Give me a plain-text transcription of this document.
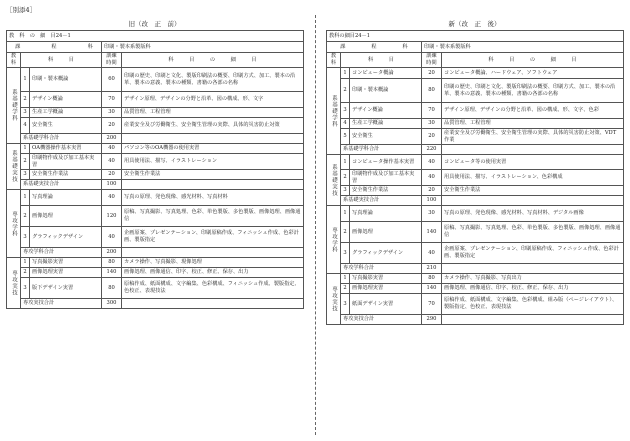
［別添4］
旧（改　正　前）
教　科　の　細　目24－1				
課　　　　　　程　　　　　　科			印刷・製本系製版科	
教　　科	科　　　目		訓練時間	科　　　目　　　の　　　細　　　目
系基礎学科	1	印刷・製本概論	60	印刷の歴史、印刷と文化、製版印刷法の概要、印刷方式、加工、製本の沿革、製本の意義、製本の種類、書籍の各部の名称
	2	デザイン概論	70	デザイン原理、デザインの分野と沿革、図の構成、形、文字
	3	生産工学概論	30	品質管理、工程管理
	4	安全衛生	20	産業安全及び労働衛生、安全衛生管理の実際、具体的災害防止対策
	系基礎学科合計		200	
系基礎実技	1	OA機器操作基本実習	40	パソコン等のOA機器の使用実習
	2	印刷物作成及び加工基本実習	40	用具使用法、描写、イラストレーション
	3	安全衛生作業法	20	安全衛生作業法
	系基礎実技合計		100	
専攻学科	1	写真理論	40	写真の原理、発色現像、感光材料、写真材料
	2	画像処理	120	原稿、写真撮影、写真処理、色彩、単色製版、多色製版、画像処理、画像通信
	3	グラフィックデザイン	40	企画原案、プレゼンテーション、印刷原稿作成、フィニッシュ作成、色彩計画、製版指定
	専攻学科合計		200	
専攻実技	1	写真撮影実習	80	カメラ操作、写真撮影、現像処理
	2	画像処理実習	140	画像処理、画像通信、印字、校正、修正、保存、出力
	3	版下デザイン実習	80	原稿作成、紙面構成、文字編集、色彩構成、フィニッシュ作成、製版指定、色校正、表現技法
	専攻実技合計		300	
新（改　正　後）
教科の細目24－1				
課　　　　　程　　　　　科			印刷・製本系製版科	
教　　科	科　　　目		訓練時間	科　　　目　　　の　　　細　　　目
系基礎学科	1	コンピュータ概論	20	コンピュータ概論、ハードウェア、ソフトウェア
	2	印刷・製本概論	80	印刷の歴史、印刷と文化、製版印刷法の概要、印刷方式、加工、製本の沿革、製本の意義、製本の種類、書籍の各部の名称
	3	デザイン概論	70	デザイン原理、デザインの分野と沿革、図の構成、形、文字、色彩
	4	生産工学概論	30	品質管理、工程管理
	5	安全衛生	20	産業安全及び労働衛生、安全衛生管理の実際、具体的災害防止対策、VDT作業
	系基礎学科合計		220	
系基礎実技	1	コンピュータ操作基本実習	40	コンピュータ等の使用実習
	2	印刷物作成及び加工基本実習	40	用具使用法、描写、イラストレーション、色彩構成
	3	安全衛生作業法	20	安全衛生作業法
	系基礎実技合計		100	
専攻学科	1	写真理論	30	写真の原理、発色現像、感光材料、写真材料、デジタル画像
	2	画像処理	140	原稿、写真撮影、写真処理、色彩、単色製版、多色製版、画像処理、画像通信
	3	グラフィックデザイン	40	企画原案、プレゼンテーション、印刷原稿作成、フィニッシュ作成、色彩計画、製版指定
	専攻学科合計		210	
専攻実技	1	写真撮影実習	80	カメラ操作、写真撮影、写真出力
	2	画像処理実習	140	画像処理、画像通信、印字、校正、修正、保存、出力
	3	紙面デザイン実習	70	原稿作成、紙面構成、文字編集、色彩構成、組み版（ページレイアウト）、製版指定、色校正、表現技法
	専攻実技合計		290	
